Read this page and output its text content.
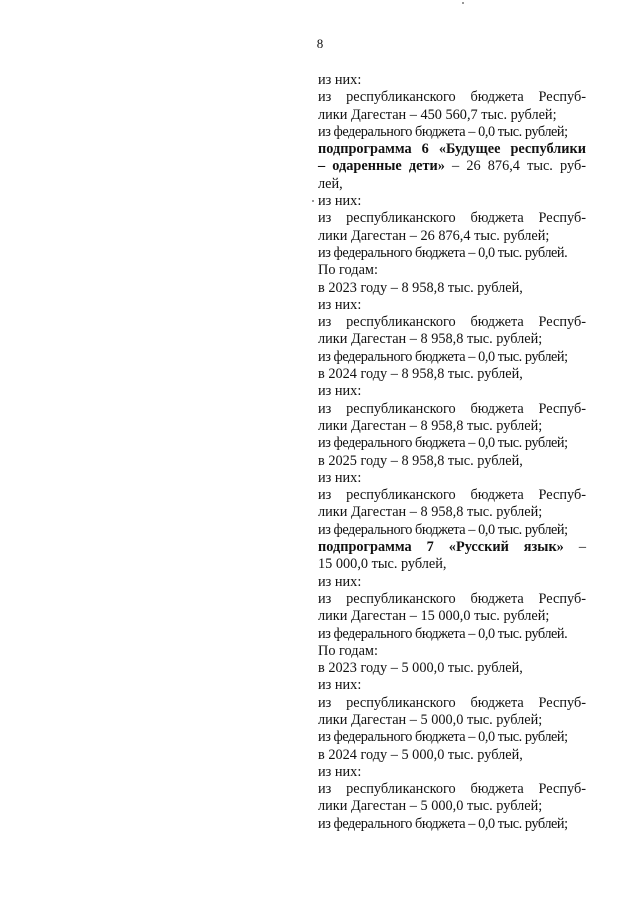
8
из них:
из республиканского бюджета Респуб-
лики Дагестан – 450 560,7 тыс. рублей;
из федерального бюджета – 0,0 тыс. рублей;
подпрограмма 6 «Будущее республики
– одаренные дети» – 26 876,4 тыс. руб-
лей,
из них:
из республиканского бюджета Респуб-
лики Дагестан – 26 876,4 тыс. рублей;
из федерального бюджета – 0,0 тыс. рублей.
По годам:
в 2023 году – 8 958,8 тыс. рублей,
из них:
из республиканского бюджета Респуб-
лики Дагестан – 8 958,8 тыс. рублей;
из федерального бюджета – 0,0 тыс. рублей;
в 2024 году – 8 958,8 тыс. рублей,
из них:
из республиканского бюджета Респуб-
лики Дагестан – 8 958,8 тыс. рублей;
из федерального бюджета – 0,0 тыс. рублей;
в 2025 году – 8 958,8 тыс. рублей,
из них:
из республиканского бюджета Респуб-
лики Дагестан – 8 958,8 тыс. рублей;
из федерального бюджета – 0,0 тыс. рублей;
подпрограмма 7 «Русский язык» –
15 000,0 тыс. рублей,
из них:
из республиканского бюджета Респуб-
лики Дагестан – 15 000,0 тыс. рублей;
из федерального бюджета – 0,0 тыс. рублей.
По годам:
в 2023 году – 5 000,0 тыс. рублей,
из них:
из республиканского бюджета Респуб-
лики Дагестан – 5 000,0 тыс. рублей;
из федерального бюджета – 0,0 тыс. рублей;
в 2024 году – 5 000,0 тыс. рублей,
из них:
из республиканского бюджета Респуб-
лики Дагестан – 5 000,0 тыс. рублей;
из федерального бюджета – 0,0 тыс. рублей;
